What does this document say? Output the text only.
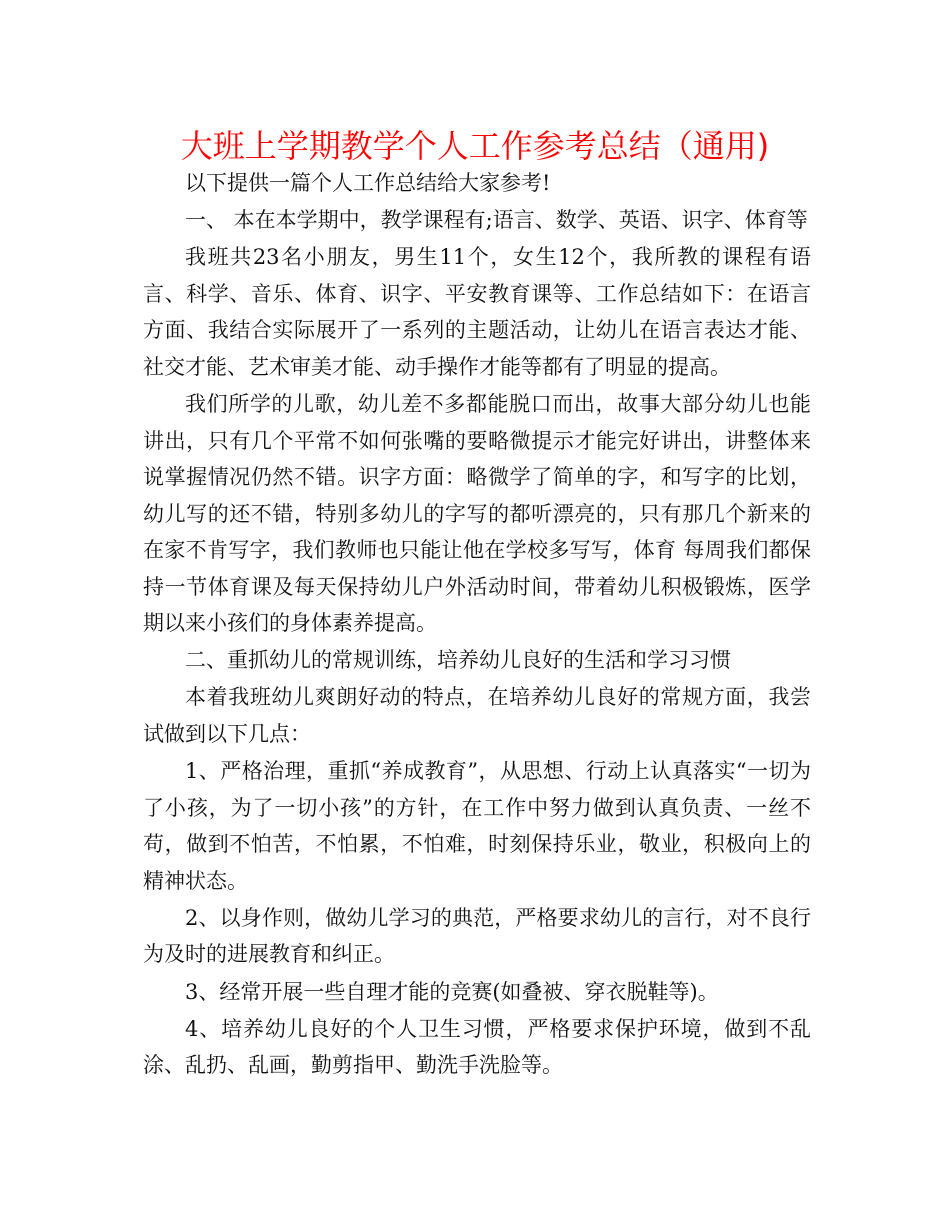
大班上学期教学个人工作参考总结（通用)

以下提供一篇个人工作总结给大家参考!

一、 本在本学期中，教学课程有;语言、数学、英语、识字、体育等

我班共23名小朋友，男生11个，女生12个，我所教的课程有语言、科学、音乐、体育、识字、平安教育课等、工作总结如下：在语言方面、我结合实际展开了一系列的主题活动，让幼儿在语言表达才能、社交才能、艺术审美才能、动手操作才能等都有了明显的提高。

我们所学的儿歌，幼儿差不多都能脱口而出，故事大部分幼儿也能讲出，只有几个平常不如何张嘴的要略微提示才能完好讲出，讲整体来说掌握情况仍然不错。识字方面：略微学了简单的字，和写字的比划，幼儿写的还不错，特别多幼儿的字写的都听漂亮的，只有那几个新来的在家不肯写字，我们教师也只能让他在学校多写写，体育 每周我们都保持一节体育课及每天保持幼儿户外活动时间，带着幼儿积极锻炼，医学期以来小孩们的身体素养提高。

二、重抓幼儿的常规训练，培养幼儿良好的生活和学习习惯

本着我班幼儿爽朗好动的特点，在培养幼儿良好的常规方面，我尝试做到以下几点：

1、严格治理，重抓“养成教育”，从思想、行动上认真落实“一切为了小孩，为了一切小孩”的方针，在工作中努力做到认真负责、一丝不苟，做到不怕苦，不怕累，不怕难，时刻保持乐业，敬业，积极向上的精神状态。

2、以身作则，做幼儿学习的典范，严格要求幼儿的言行，对不良行为及时的进展教育和纠正。

3、经常开展一些自理才能的竞赛(如叠被、穿衣脱鞋等)。

4、培养幼儿良好的个人卫生习惯，严格要求保护环境，做到不乱涂、乱扔、乱画，勤剪指甲、勤洗手洗脸等。
